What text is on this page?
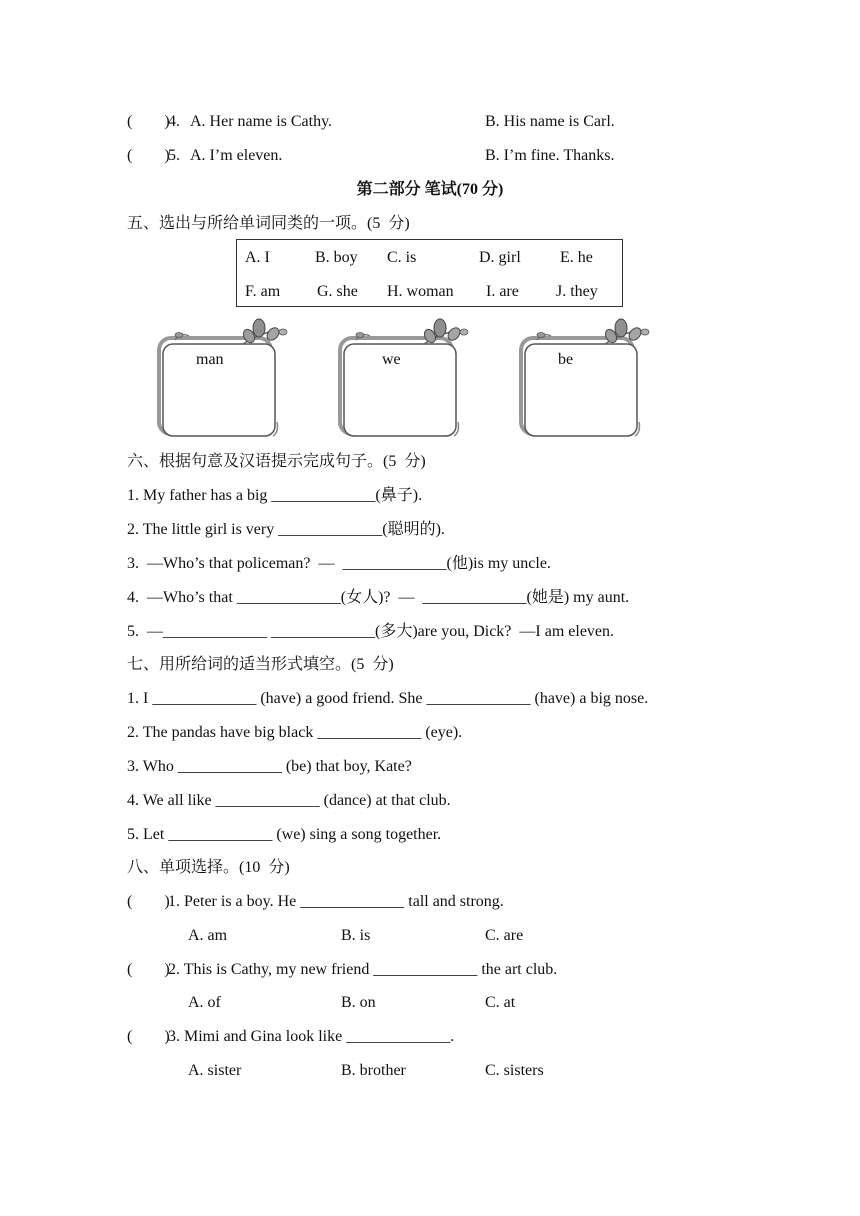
(        )
4. A. Her name is Cathy.	B. His name is Carl.
(        )
5. A. I’m eleven.	B. I’m fine. Thanks.
第二部分 笔试(70 分)
五、选出与所给单词同类的一项。(5  分)
A. I	B. boy C. is	D. girl E. he
F. am G. she H. woman I. are J. they
man	we	be
六、根据句意及汉语提示完成句子。(5  分)
1. My father has a big _____________(鼻子).
2. The little girl is very _____________(聪明的).
3.  —Who’s that policeman?  —  _____________(他)is my uncle.
4.  —Who’s that _____________(女人)?  —  _____________(她是) my aunt.
5.  —_____________ _____________(多大)are you, Dick?  —I am eleven.
七、用所给词的适当形式填空。(5  分)
1. I _____________ (have) a good friend. She _____________ (have) a big nose.
2. The pandas have big black _____________ (eye).
3. Who _____________ (be) that boy, Kate?
4. We all like _____________ (dance) at that club.
5. Let _____________ (we) sing a song together.
八、单项选择。(10  分)
(        )
1. Peter is a boy. He _____________ tall and strong.
A. am	B. is	C. are
(        )
2. This is Cathy, my new friend _____________ the art club.
A. of	B. on	C. at
(        )
3. Mimi and Gina look like _____________.
A. sister	B. brother	C. sisters
